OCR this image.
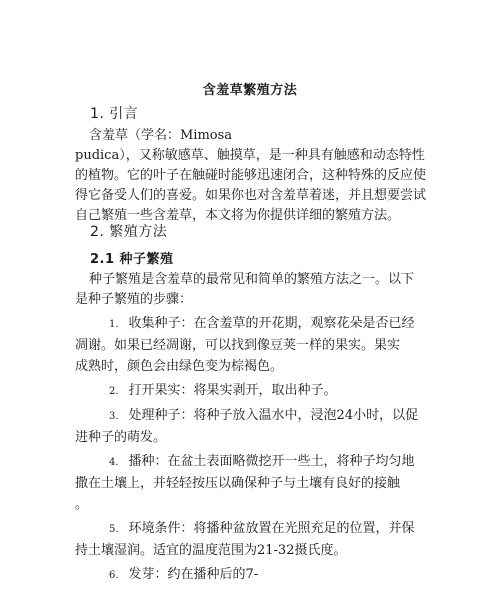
含羞草繁殖方法
1. 引言
含羞草（学名：Mimosa
pudica），又称敏感草、触摸草，是一种具有触感和动态特性
的植物。它的叶子在触碰时能够迅速闭合，这种特殊的反应使
得它备受人们的喜爱。如果你也对含羞草着迷，并且想要尝试
自己繁殖一些含羞草，本文将为你提供详细的繁殖方法。
2. 繁殖方法
2.1 种子繁殖
种子繁殖是含羞草的最常见和简单的繁殖方法之一。以下
是种子繁殖的步骤：
1. 收集种子：在含羞草的开花期，观察花朵是否已经
凋谢。如果已经凋谢，可以找到像豆荚一样的果实。果实
成熟时，颜色会由绿色变为棕褐色。
2. 打开果实：将果实剥开，取出种子。
3. 处理种子：将种子放入温水中，浸泡24小时，以促
进种子的萌发。
4. 播种：在盆土表面略微挖开一些土，将种子均匀地
撒在土壤上，并轻轻按压以确保种子与土壤有良好的接触
。
5. 环境条件：将播种盆放置在光照充足的位置，并保
持土壤湿润。适宜的温度范围为21-32摄氏度。
6. 发芽：约在播种后的7-
